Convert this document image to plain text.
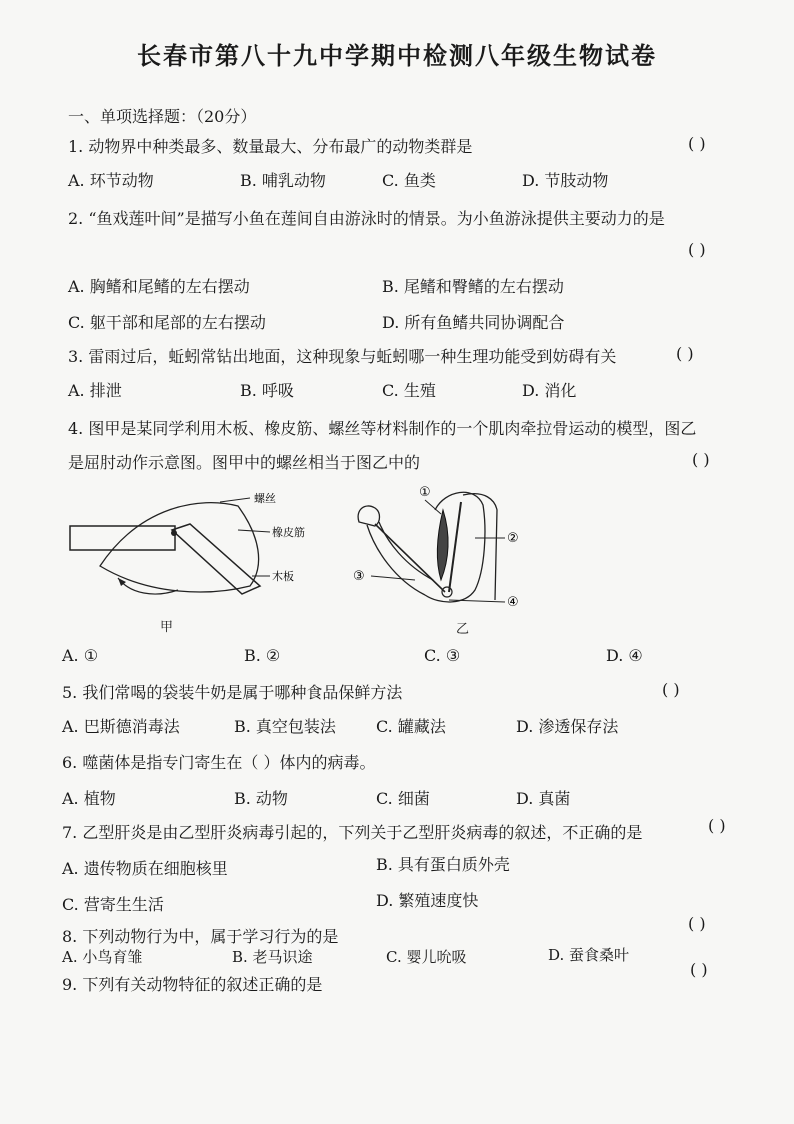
长春市第八十九中学期中检测八年级生物试卷
一、单项选择题：（20分）
1. 动物界中种类最多、数量最大、分布最广的动物类群是	( )
A. 环节动物	B. 哺乳动物	C. 鱼类	D. 节肢动物
2. “鱼戏莲叶间”是描写小鱼在莲间自由游泳时的情景。为小鱼游泳提供主要动力的是
( )
A. 胸鳍和尾鳍的左右摆动	B. 尾鳍和臀鳍的左右摆动
C. 躯干部和尾部的左右摆动	D. 所有鱼鳍共同协调配合
3. 雷雨过后，蚯蚓常钻出地面，这种现象与蚯蚓哪一种生理功能受到妨碍有关	( )
A. 排泄	B. 呼吸	C. 生殖	D. 消化
4. 图甲是某同学利用木板、橡皮筋、螺丝等材料制作的一个肌肉牵拉骨运动的模型，图乙
是屈肘动作示意图。图甲中的螺丝相当于图乙中的	( )
螺丝
橡皮筋
木板
甲
①
②
③
④
乙
A. ①	B. ②	C. ③	D. ④
5. 我们常喝的袋装牛奶是属于哪种食品保鲜方法	( )
A. 巴斯德消毒法	B. 真空包装法	C. 罐藏法	D. 渗透保存法
6. 噬菌体是指专门寄生在（ ）体内的病毒。
A. 植物	B. 动物	C. 细菌	D. 真菌
7. 乙型肝炎是由乙型肝炎病毒引起的，下列关于乙型肝炎病毒的叙述，不正确的是	( )
A. 遗传物质在细胞核里	B. 具有蛋白质外壳
C. 营寄生生活	D. 繁殖速度快
8. 下列动物行为中，属于学习行为的是
( )
A. 小鸟育雏	B. 老马识途	C. 婴儿吮吸	D. 蚕食桑叶
9. 下列有关动物特征的叙述正确的是
( )
